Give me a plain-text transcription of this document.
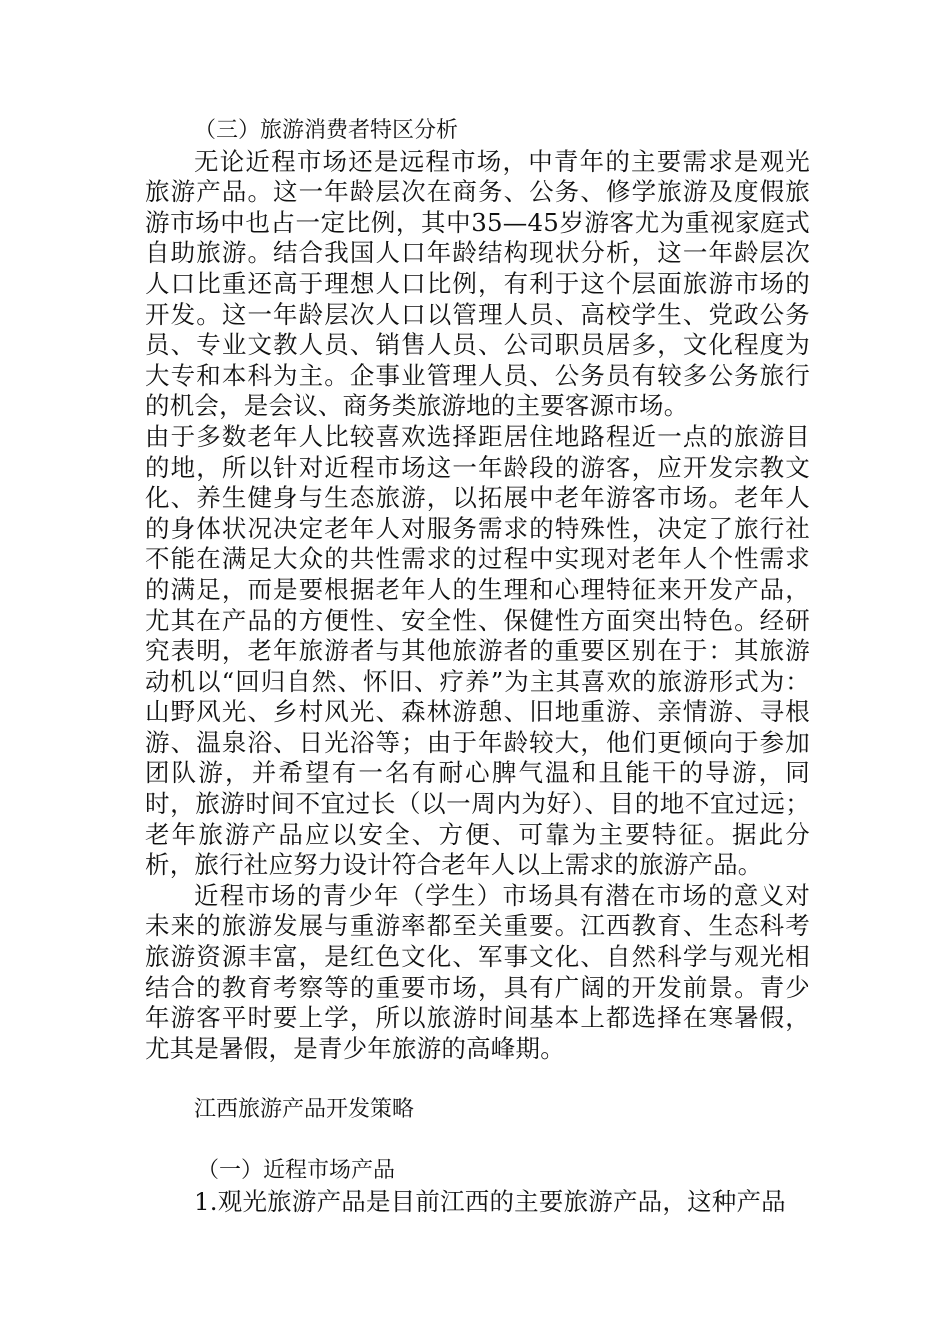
（三）旅游消费者特区分析

无论近程市场还是远程市场，中青年的主要需求是观光旅游产品。这一年龄层次在商务、公务、修学旅游及度假旅游市场中也占一定比例，其中35—45岁游客尤为重视家庭式自助旅游。结合我国人口年龄结构现状分析，这一年龄层次人口比重还高于理想人口比例，有利于这个层面旅游市场的开发。这一年龄层次人口以管理人员、高校学生、党政公务员、专业文教人员、销售人员、公司职员居多，文化程度为大专和本科为主。企事业管理人员、公务员有较多公务旅行的机会，是会议、商务类旅游地的主要客源市场。

由于多数老年人比较喜欢选择距居住地路程近一点的旅游目的地，所以针对近程市场这一年龄段的游客，应开发宗教文化、养生健身与生态旅游，以拓展中老年游客市场。老年人的身体状况决定老年人对服务需求的特殊性，决定了旅行社不能在满足大众的共性需求的过程中实现对老年人个性需求的满足，而是要根据老年人的生理和心理特征来开发产品，尤其在产品的方便性、安全性、保健性方面突出特色。经研究表明，老年旅游者与其他旅游者的重要区别在于：其旅游动机以“回归自然、怀旧、疗养”为主其喜欢的旅游形式为：山野风光、乡村风光、森林游憩、旧地重游、亲情游、寻根游、温泉浴、日光浴等；由于年龄较大，他们更倾向于参加团队游，并希望有一名有耐心脾气温和且能干的导游，同时，旅游时间不宜过长（以一周内为好）、目的地不宜过远；老年旅游产品应以安全、方便、可靠为主要特征。据此分析，旅行社应努力设计符合老年人以上需求的旅游产品。

近程市场的青少年（学生）市场具有潜在市场的意义对未来的旅游发展与重游率都至关重要。江西教育、生态科考旅游资源丰富，是红色文化、军事文化、自然科学与观光相结合的教育考察等的重要市场，具有广阔的开发前景。青少年游客平时要上学，所以旅游时间基本上都选择在寒暑假，尤其是暑假，是青少年旅游的高峰期。

江西旅游产品开发策略

（一）近程市场产品

1.观光旅游产品是目前江西的主要旅游产品，这种产品
